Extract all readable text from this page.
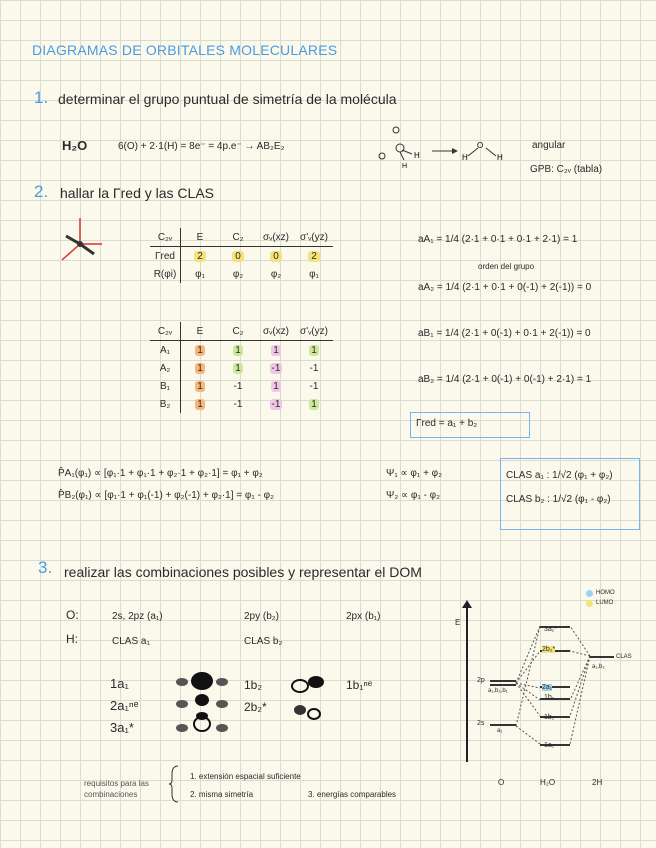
DIAGRAMAS DE ORBITALES MOLECULARES
1. determinar el grupo puntual de simetría de la molécula
H₂O	6(O) + 2·1(H) = 8e⁻ = 4p.e⁻ → AB₂E₂
H
H
H
O
H
angular
GPB: C₂ᵥ (tabla)
2. hallar la Γred y las CLAS
C₂ᵥ	E	C₂	σᵥ(xz)	σ'ᵥ(yz)
Γred	2	0	0	2
R(φi)	φ₁	φ₂	φ₂	φ₁
C₂ᵥ	E	C₂	σᵥ(xz)	σ'ᵥ(yz)
A₁	1	1	1	1
A₂	1	1	-1	-1
B₁	1	-1	1	-1
B₂	1	-1	-1	1
aA₁ = 1/4 (2·1 + 0·1 + 0·1 + 2·1) = 1
orden del grupo
aA₂ = 1/4 (2·1 + 0·1 + 0(-1) + 2(-1)) = 0
aB₁ = 1/4 (2·1 + 0(-1) + 0·1 + 2(-1)) = 0
aB₂ = 1/4 (2·1 + 0(-1) + 0(-1) + 2·1) = 1
Γred = a₁ + b₂
P̂A₁(φ₁) ∝ [φ₁·1 + φ₁·1 + φ₂·1 + φ₂·1] = φ₁ + φ₂
P̂B₂(φ₁) ∝ [φ₁·1 + φ₁(-1) + φ₂(-1) + φ₂·1] = φ₁ - φ₂
Ψ₁ ∝ φ₁ + φ₂
Ψ₂ ∝ φ₁ - φ₂
CLAS a₁ : 1/√2 (φ₁ + φ₂)
CLAS b₂ : 1/√2 (φ₁ - φ₂)
3. realizar las combinaciones posibles y representar el DOM
O:	2s, 2pz (a₁)	2py (b₂)	2px (b₁)
H:	CLAS a₁	CLAS b₂
1a₁
2a₁ⁿᵉ
3a₁*
1b₂
2b₂*
1b₁ⁿᵉ
requisitos para las combinaciones
1. extensión espacial suficiente
2. misma simetría	3. energías comparables
E
HOMO
LUMO
2p
a₁,b₂,b₁
2s
a₁
3a₁*
2b₂*
2a₁
1b₁
1b₂
1a₁
CLAS
a₁,b₂
O	H₂O	2H
